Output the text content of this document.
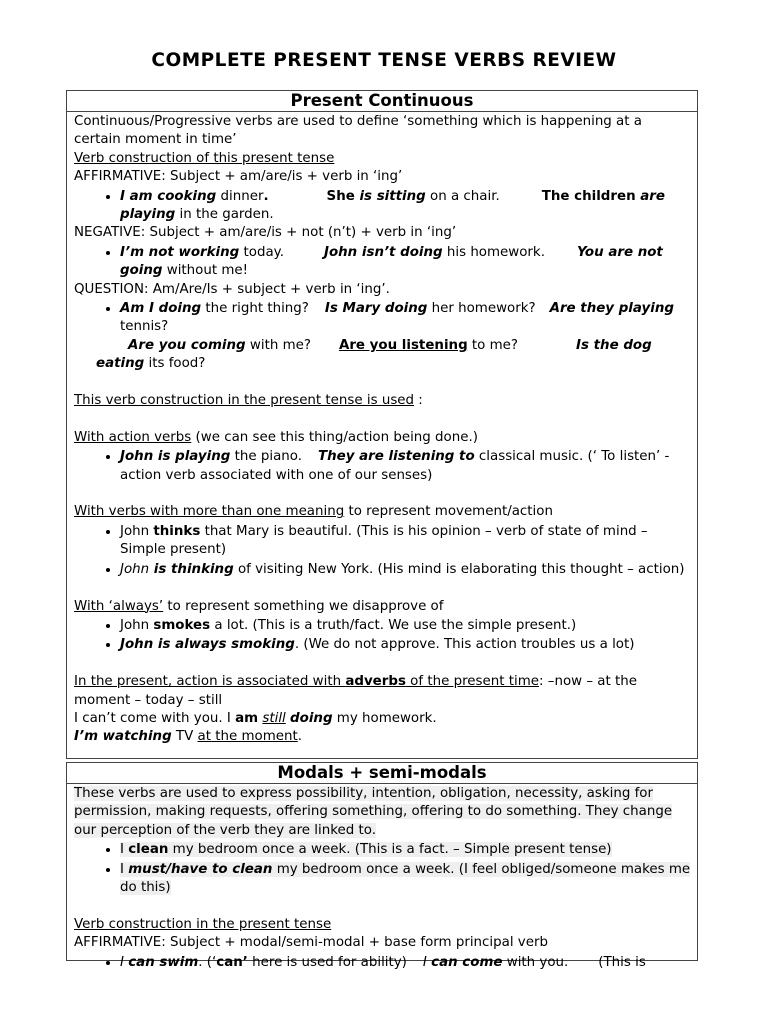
COMPLETE PRESENT TENSE VERBS REVIEW
Present Continuous

Continuous/Progressive verbs are used to define ‘something which is happening at a certain moment in time’

Verb construction of this present tense

AFFIRMATIVE: Subject + am/are/is + verb in ‘ing’

• I am cooking dinner.	She is sitting on a chair.	The children are playing in the garden.

NEGATIVE: Subject + am/are/is + not (n’t) + verb in ‘ing’

• I’m not working today.	John isn’t doing his homework. You are not going without me!

QUESTION: Am/Are/Is + subject + verb in ‘ing’.

• Am I doing the right thing? Is Mary doing her homework? Are they playing tennis?

Are you coming with me? Are you listening to me?	Is the dog eating its food?

This verb construction in the present tense is used :

With action verbs (we can see this thing/action being done.)

• John is playing the piano. They are listening to classical music. (‘ To listen’ - action verb associated with one of our senses)

With verbs with more than one meaning to represent movement/action

• John thinks that Mary is beautiful. (This is his opinion – verb of state of mind – Simple present)
• John is thinking of visiting New York. (His mind is elaborating this thought – action)

With ‘always’ to represent something we disapprove of

• John smokes a lot. (This is a truth/fact. We use the simple present.)
• John is always smoking. (We do not approve. This action troubles us a lot)

In the present, action is associated with adverbs of the present time: –now – at the moment – today – still

I can’t come with you. I am still doing my homework.

I’m watching TV at the moment.

Modals + semi-modals

These verbs are used to express possibility, intention, obligation, necessity, asking for permission, making requests, offering something, offering to do something. They change our perception of the verb they are linked to.

• I clean my bedroom once a week. (This is a fact. – Simple present tense)
• I must/have to clean my bedroom once a week. (I feel obliged/someone makes me do this)

Verb construction in the present tense

AFFIRMATIVE: Subject + modal/semi-modal + base form principal verb

• I can swim. (‘can’ here is used for ability) I can come with you. (This is
